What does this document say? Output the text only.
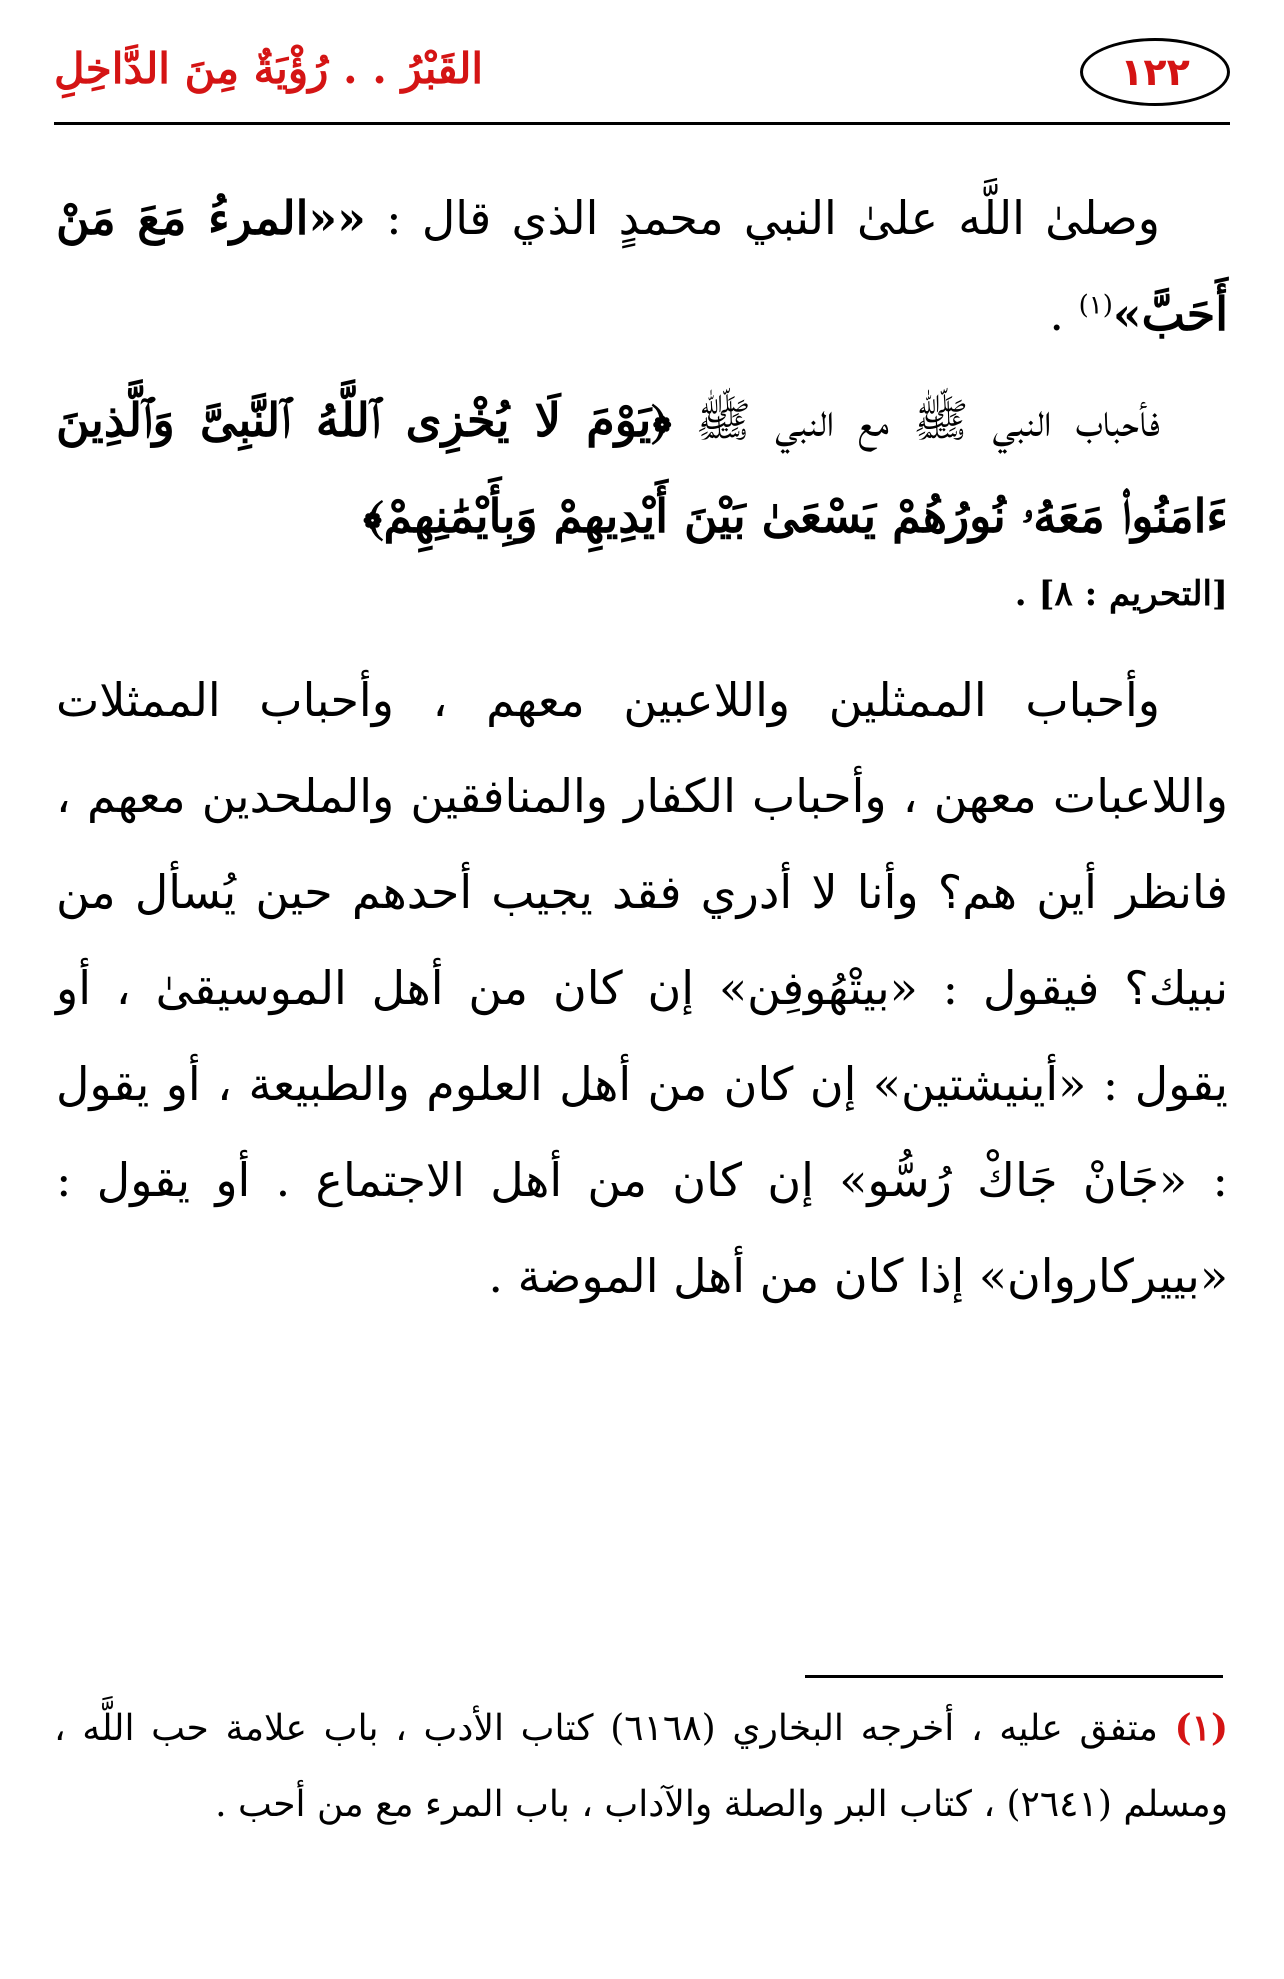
١٢٢
القَبْرُ . . رُؤْيَةٌ مِنَ الدَّاخِلِ

وصلىٰ اللَّه علىٰ النبي محمدٍ الذي قال : ««المرءُ مَعَ مَنْ أَحَبَّ»$^{(١)}$ .

فأحباب النبي ﷺ مع النبي ﷺ ﴿يَوْمَ لَا يُخْزِى ٱللَّهُ ٱلنَّبِىَّ وَٱلَّذِينَ ءَامَنُوا۟ مَعَهُۥ نُورُهُمْ يَسْعَىٰ بَيْنَ أَيْدِيهِمْ وَبِأَيْمَٰنِهِمْ﴾

[التحريم : ٨] .

وأحباب الممثلين واللاعبين معهم ، وأحباب الممثلات واللاعبات معهن ، وأحباب الكفار والمنافقين والملحدين معهم ، فانظر أين هم؟ وأنا لا أدري فقد يجيب أحدهم حين يُسأل من نبيك؟ فيقول : «بيتْهُوفِن» إن كان من أهل الموسيقىٰ ، أو يقول : «أينيشتين» إن كان من أهل العلوم والطبيعة ، أو يقول : «جَانْ جَاكْ رُسُّو» إن كان من أهل الاجتماع . أو يقول : «بييركاروان» إذا كان من أهل الموضة .

(١) متفق عليه ، أخرجه البخاري (٦١٦٨) كتاب الأدب ، باب علامة حب اللَّه ، ومسلم (٢٦٤١) ، كتاب البر والصلة والآداب ، باب المرء مع من أحب .
